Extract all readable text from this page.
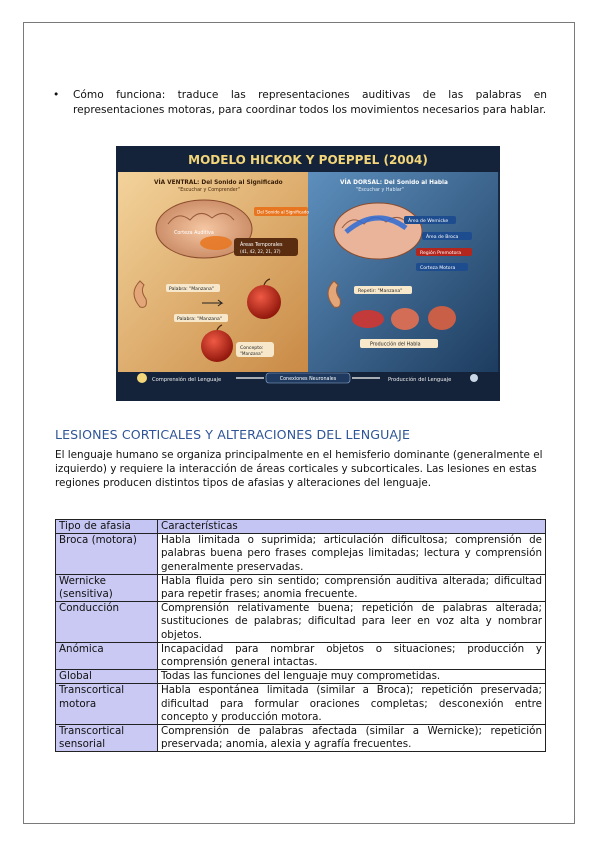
• Cómo funciona: traduce las representaciones auditivas de las palabras en representaciones motoras, para coordinar todos los movimientos necesarios para hablar.
MODELO HICKOK Y POEPPEL (2004)
VÍA VENTRAL: Del Sonido al Significado
"Escuchar y Comprender"
Del Sonido al Significado
Corteza Auditiva
Áreas Temporales
(41, 42, 22, 21, 37)
Palabra: "Manzana"
Palabra: "Manzana"
Concepto:
"Manzana"
VÍA DORSAL: Del Sonido al Habla
"Escuchar y Hablar"
Área de Wernicke
Área de Broca
Región Premotora
Corteza Motora
Repetir: "Manzana"
Producción del Habla
Comprensión del Lenguaje	Conexiones Neuronales	Producción del Lenguaje
LESIONES CORTICALES Y ALTERACIONES DEL LENGUAJE
El lenguaje humano se organiza principalmente en el hemisferio dominante (generalmente el izquierdo) y requiere la interacción de áreas corticales y subcorticales. Las lesiones en estas regiones producen distintos tipos de afasias y alteraciones del lenguaje.
Tipo de afasia	Características
Broca (motora)	Habla limitada o suprimida; articulación dificultosa; comprensión de palabras buena pero frases complejas limitadas; lectura y comprensión generalmente preservadas.
Wernicke (sensitiva)	Habla fluida pero sin sentido; comprensión auditiva alterada; dificultad para repetir frases; anomia frecuente.
Conducción	Comprensión relativamente buena; repetición de palabras alterada; sustituciones de palabras; dificultad para leer en voz alta y nombrar objetos.
Anómica	Incapacidad para nombrar objetos o situaciones; producción y comprensión general intactas.
Global	Todas las funciones del lenguaje muy comprometidas.
Transcortical motora	Habla espontánea limitada (similar a Broca); repetición preservada; dificultad para formular oraciones completas; desconexión entre concepto y producción motora.
Transcortical sensorial	Comprensión de palabras afectada (similar a Wernicke); repetición preservada; anomia, alexia y agrafía frecuentes.
